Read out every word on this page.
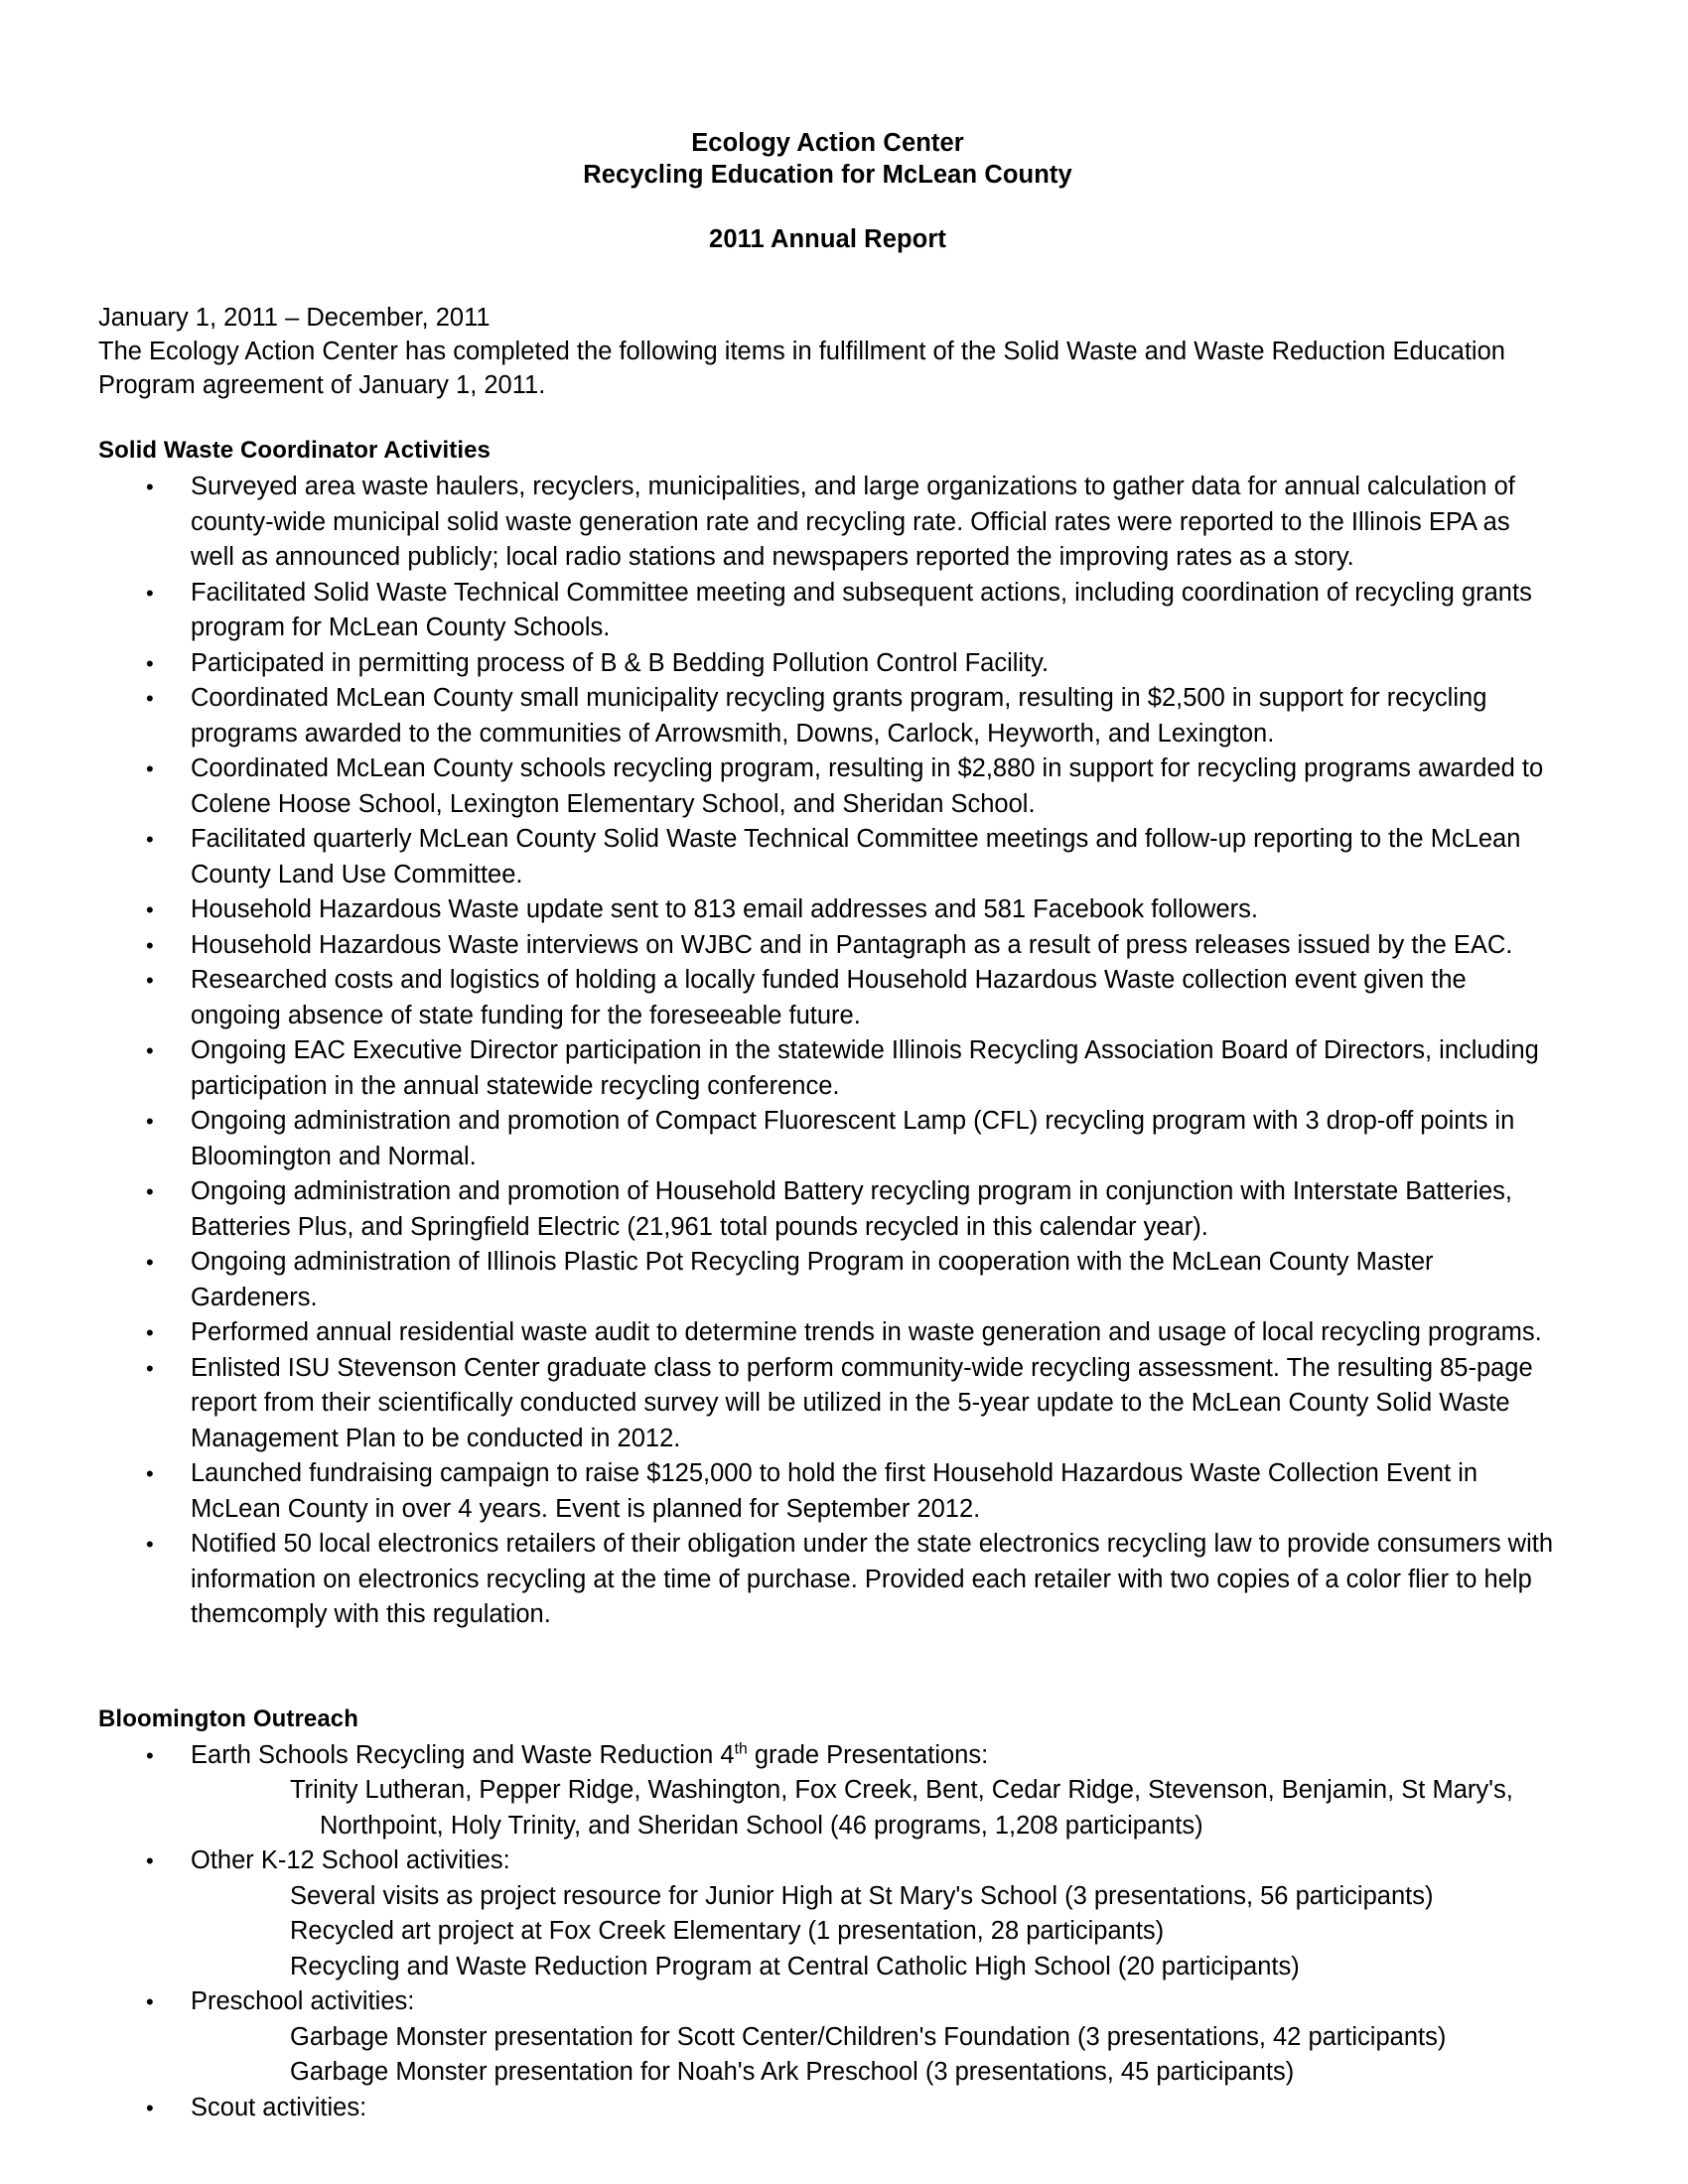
Ecology Action Center
Recycling Education for McLean County
2011 Annual Report
January 1, 2011 – December, 2011
The Ecology Action Center has completed the following items in fulfillment of the Solid Waste and Waste Reduction Education Program agreement of January 1, 2011.
Solid Waste Coordinator Activities
• Surveyed area waste haulers, recyclers, municipalities, and large organizations to gather data for annual calculation of county-wide municipal solid waste generation rate and recycling rate. Official rates were reported to the Illinois EPA as well as announced publicly; local radio stations and newspapers reported the improving rates as a story.
• Facilitated Solid Waste Technical Committee meeting and subsequent actions, including coordination of recycling grants program for McLean County Schools.
• Participated in permitting process of B & B Bedding Pollution Control Facility.
• Coordinated McLean County small municipality recycling grants program, resulting in $2,500 in support for recycling programs awarded to the communities of Arrowsmith, Downs, Carlock, Heyworth, and Lexington.
• Coordinated McLean County schools recycling program, resulting in $2,880 in support for recycling programs awarded to Colene Hoose School, Lexington Elementary School, and Sheridan School.
• Facilitated quarterly McLean County Solid Waste Technical Committee meetings and follow-up reporting to the McLean County Land Use Committee.
• Household Hazardous Waste update sent to 813 email addresses and 581 Facebook followers.
• Household Hazardous Waste interviews on WJBC and in Pantagraph as a result of press releases issued by the EAC.
• Researched costs and logistics of holding a locally funded Household Hazardous Waste collection event given the ongoing absence of state funding for the foreseeable future.
• Ongoing EAC Executive Director participation in the statewide Illinois Recycling Association Board of Directors, including participation in the annual statewide recycling conference.
• Ongoing administration and promotion of Compact Fluorescent Lamp (CFL) recycling program with 3 drop-off points in Bloomington and Normal.
• Ongoing administration and promotion of Household Battery recycling program in conjunction with Interstate Batteries, Batteries Plus, and Springfield Electric (21,961 total pounds recycled in this calendar year).
• Ongoing administration of Illinois Plastic Pot Recycling Program in cooperation with the McLean County Master Gardeners.
• Performed annual residential waste audit to determine trends in waste generation and usage of local recycling programs.
• Enlisted ISU Stevenson Center graduate class to perform community-wide recycling assessment. The resulting 85-page report from their scientifically conducted survey will be utilized in the 5-year update to the McLean County Solid Waste Management Plan to be conducted in 2012.
• Launched fundraising campaign to raise $125,000 to hold the first Household Hazardous Waste Collection Event in McLean County in over 4 years. Event is planned for September 2012.
• Notified 50 local electronics retailers of their obligation under the state electronics recycling law to provide consumers with information on electronics recycling at the time of purchase. Provided each retailer with two copies of a color flier to help themcomply with this regulation.
Bloomington Outreach
• Earth Schools Recycling and Waste Reduction 4th grade Presentations:
Trinity Lutheran, Pepper Ridge, Washington, Fox Creek, Bent, Cedar Ridge, Stevenson, Benjamin, St Mary's,
Northpoint, Holy Trinity, and Sheridan School (46 programs, 1,208 participants)
• Other K-12 School activities:
Several visits as project resource for Junior High at St Mary's School (3 presentations, 56 participants)
Recycled art project at Fox Creek Elementary (1 presentation, 28 participants)
Recycling and Waste Reduction Program at Central Catholic High School (20 participants)
• Preschool activities:
Garbage Monster presentation for Scott Center/Children's Foundation (3 presentations, 42 participants)
Garbage Monster presentation for Noah's Ark Preschool (3 presentations, 45 participants)
• Scout activities:
